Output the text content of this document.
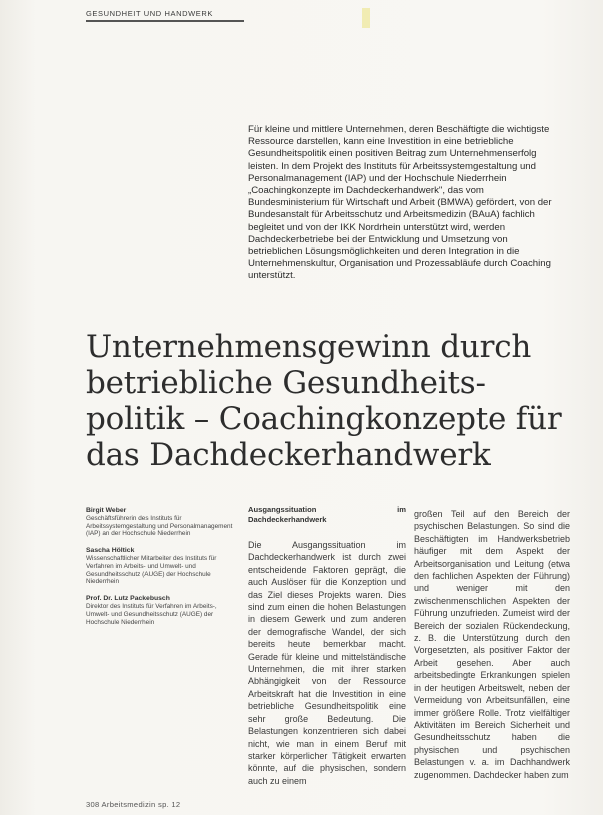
GESUNDHEIT UND HANDWERK
Für kleine und mittlere Unternehmen, deren Beschäftigte die wichtigste Ressource darstellen, kann eine Investition in eine betriebliche Gesundheitspolitik einen positiven Beitrag zum Unternehmenserfolg leisten. In dem Projekt des Instituts für Arbeitssystemgestaltung und Personalmanagement (IAP) und der Hochschule Niederrhein „Coachingkonzepte im Dachdeckerhandwerk", das vom Bundesministerium für Wirtschaft und Arbeit (BMWA) gefördert, von der Bundesanstalt für Arbeitsschutz und Arbeitsmedizin (BAuA) fachlich begleitet und von der IKK Nordrhein unterstützt wird, werden Dachdeckerbetriebe bei der Entwicklung und Umsetzung von betrieblichen Lösungsmöglichkeiten und deren Integration in die Unternehmenskultur, Organisation und Prozessabläufe durch Coaching unterstützt.
Unternehmensgewinn durch
betriebliche Gesundheits-
politik – Coachingkonzepte für
das Dachdeckerhandwerk
Birgit Weber
Geschäftsführerin des Instituts für Arbeitssystemgestaltung und Personalmanagement (IAP) an der Hochschule Niederrhein
Sascha Höltick
Wissenschaftlicher Mitarbeiter des Instituts für Verfahren im Arbeits- und Umwelt- und Gesundheitsschutz (AUGE) der Hochschule Niederrhein
Prof. Dr. Lutz Packebusch
Direktor des Instituts für Verfahren im Arbeits-, Umwelt- und Gesundheitsschutz (AUGE) der Hochschule Niederrhein
Ausgangssituation im Dachdeckerhandwerk
Die Ausgangssituation im Dachdeckerhandwerk ist durch zwei entscheidende Faktoren geprägt, die auch Auslöser für die Konzeption und das Ziel dieses Projekts waren. Dies sind zum einen die hohen Belastungen in diesem Gewerk und zum anderen der demografische Wandel, der sich bereits heute bemerkbar macht. Gerade für kleine und mittelständische Unternehmen, die mit ihrer starken Abhängigkeit von der Ressource Arbeitskraft hat die Investition in eine betriebliche Gesundheitspolitik eine sehr große Bedeutung. Die Belastungen konzentrieren sich dabei nicht, wie man in einem Beruf mit starker körperlicher Tätigkeit erwarten könnte, auf die physischen, sondern auch zu einem
großen Teil auf den Bereich der psychischen Belastungen. So sind die Beschäftigten im Handwerksbetrieb häufiger mit dem Aspekt der Arbeitsorganisation und Leitung (etwa den fachlichen Aspekten der Führung) und weniger mit den zwischenmenschlichen Aspekten der Führung unzufrieden. Zumeist wird der Bereich der sozialen Rückendeckung, z. B. die Unterstützung durch den Vorgesetzten, als positiver Faktor der Arbeit gesehen. Aber auch arbeitsbedingte Erkrankungen spielen in der heutigen Arbeitswelt, neben der Vermeidung von Arbeitsunfällen, eine immer größere Rolle. Trotz vielfältiger Aktivitäten im Bereich Sicherheit und Gesundheitsschutz haben die physischen und psychischen Belastungen v. a. im Dachhandwerk zugenommen. Dachdecker haben zum
308 Arbeitsmedizin sp. 12
